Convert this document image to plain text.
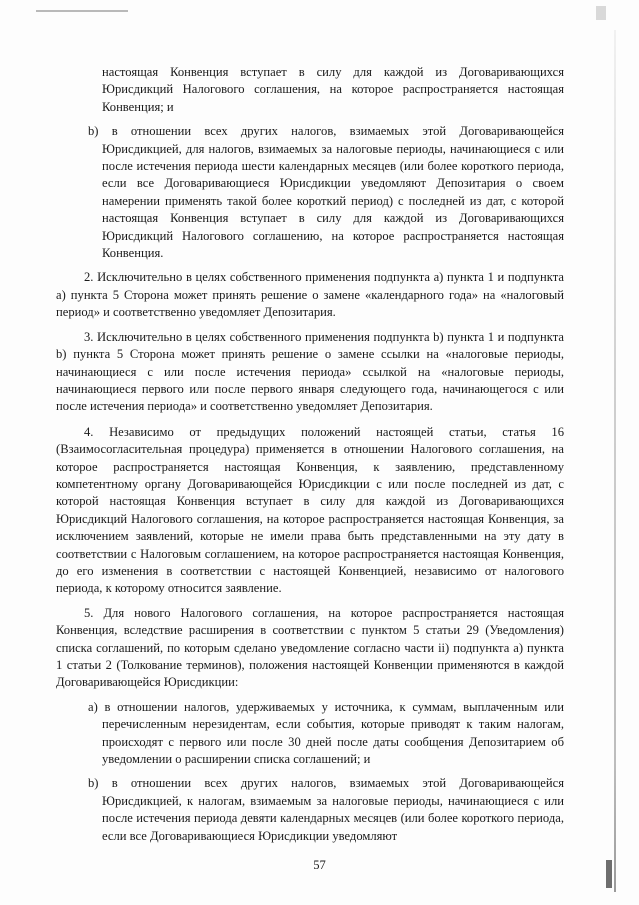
настоящая Конвенция вступает в силу для каждой из Договаривающихся Юрисдикций Налогового соглашения, на которое распространяется настоящая Конвенция; и

b) в отношении всех других налогов, взимаемых этой Договаривающейся Юрисдикцией, для налогов, взимаемых за налоговые периоды, начинающиеся с или после истечения периода шести календарных месяцев (или более короткого периода, если все Договаривающиеся Юрисдикции уведомляют Депозитария о своем намерении применять такой более короткий период) с последней из дат, с которой настоящая Конвенция вступает в силу для каждой из Договаривающихся Юрисдикций Налогового соглашению, на которое распространяется настоящая Конвенция.

2. Исключительно в целях собственного применения подпункта а) пункта 1 и подпункта а) пункта 5 Сторона может принять решение о замене «календарного года» на «налоговый период» и соответственно уведомляет Депозитария.

3. Исключительно в целях собственного применения подпункта b) пункта 1 и подпункта b) пункта 5 Сторона может принять решение о замене ссылки на «налоговые периоды, начинающиеся с или после истечения периода» ссылкой на «налоговые периоды, начинающиеся первого или после первого января следующего года, начинающегося с или после истечения периода» и соответственно уведомляет Депозитария.

4. Независимо от предыдущих положений настоящей статьи, статья 16 (Взаимосогласительная процедура) применяется в отношении Налогового соглашения, на которое распространяется настоящая Конвенция, к заявлению, представленному компетентному органу Договаривающейся Юрисдикции с или после последней из дат, с которой настоящая Конвенция вступает в силу для каждой из Договаривающихся Юрисдикций Налогового соглашения, на которое распространяется настоящая Конвенция, за исключением заявлений, которые не имели права быть представленными на эту дату в соответствии с Налоговым соглашением, на которое распространяется настоящая Конвенция, до его изменения в соответствии с настоящей Конвенцией, независимо от налогового периода, к которому относится заявление.

5. Для нового Налогового соглашения, на которое распространяется настоящая Конвенция, вследствие расширения в соответствии с пунктом 5 статьи 29 (Уведомления) списка соглашений, по которым сделано уведомление согласно части ii) подпункта а) пункта 1 статьи 2 (Толкование терминов), положения настоящей Конвенции применяются в каждой Договаривающейся Юрисдикции:

а) в отношении налогов, удерживаемых у источника, к суммам, выплаченным или перечисленным нерезидентам, если события, которые приводят к таким налогам, происходят с первого или после 30 дней после даты сообщения Депозитарием об уведомлении о расширении списка соглашений; и

b) в отношении всех других налогов, взимаемых этой Договаривающейся Юрисдикцией, к налогам, взимаемым за налоговые периоды, начинающиеся с или после истечения периода девяти календарных месяцев (или более короткого периода, если все Договаривающиеся Юрисдикции уведомляют

57
